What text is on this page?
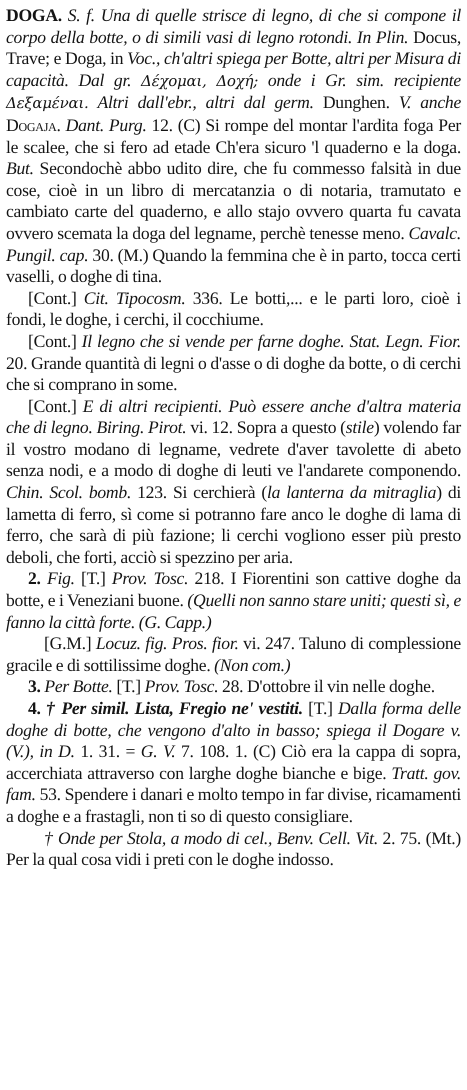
DOGA. S. f. Una di quelle strisce di legno, di che si compone il corpo della botte, o di simili vasi di legno rotondi. In Plin. Docus, Trave; e Doga, in Voc., ch'altri spiega per Botte, altri per Misura di capacità. Dal gr. Δέχομαι, Δοχή; onde i Gr. sim. recipiente Δεξαμέναι. Altri dall'ebr., altri dal germ. Dunghen. V. anche Dogaja. Dant. Purg. 12. (C) Si rompe del montar l'ardita foga Per le scalee, che si fero ad etade Ch'era sicuro 'l quaderno e la doga. But. Secondochè abbo udito dire, che fu commesso falsità in due cose, cioè in un libro di mercatanzia o di notaria, tramutato e cambiato carte del quaderno, e allo stajo ovvero quarta fu cavata ovvero scemata la doga del legname, perchè tenesse meno. Cavalc. Pungil. cap. 30. (M.) Quando la femmina che è in parto, tocca certi vaselli, o doghe di tina.

[Cont.] Cit. Tipocosm. 336. Le botti,... e le parti loro, cioè i fondi, le doghe, i cerchi, il cocchiume.

[Cont.] Il legno che si vende per farne doghe. Stat. Legn. Fior. 20. Grande quantità di legni o d'asse o di doghe da botte, o di cerchi che si comprano in some.

[Cont.] E di altri recipienti. Può essere anche d'altra materia che di legno. Biring. Pirot. vi. 12. Sopra a questo (stile) volendo far il vostro modano di legname, vedrete d'aver tavolette di abeto senza nodi, e a modo di doghe di leuti ve l'andarete componendo. Chin. Scol. bomb. 123. Si cerchierà (la lanterna da mitraglia) di lametta di ferro, sì come si potranno fare anco le doghe di lama di ferro, che sarà di più fazione; li cerchi vogliono esser più presto deboli, che forti, acciò si spezzino per aria.

2. Fig. [T.] Prov. Tosc. 218. I Fiorentini son cattive doghe da botte, e i Veneziani buone. (Quelli non sanno stare uniti; questi sì, e fanno la città forte. (G. Capp.)

[G.M.] Locuz. fig. Pros. fior. vi. 247. Taluno di complessione gracile e di sottilissime doghe. (Non com.)

3. Per Botte. [T.] Prov. Tosc. 28. D'ottobre il vin nelle doghe.

4. † Per simil. Lista, Fregio ne' vestiti. [T.] Dalla forma delle doghe di botte, che vengono d'alto in basso; spiega il Dogare v. (V.), in D. 1. 31. = G. V. 7. 108. 1. (C) Ciò era la cappa di sopra, accerchiata attraverso con larghe doghe bianche e bige. Tratt. gov. fam. 53. Spendere i danari e molto tempo in far divise, ricamamenti a doghe e a frastagli, non ti so di questo consigliare.

† Onde per Stola, a modo di cel., Benv. Cell. Vit. 2. 75. (Mt.) Per la qual cosa vidi i preti con le doghe indosso.
